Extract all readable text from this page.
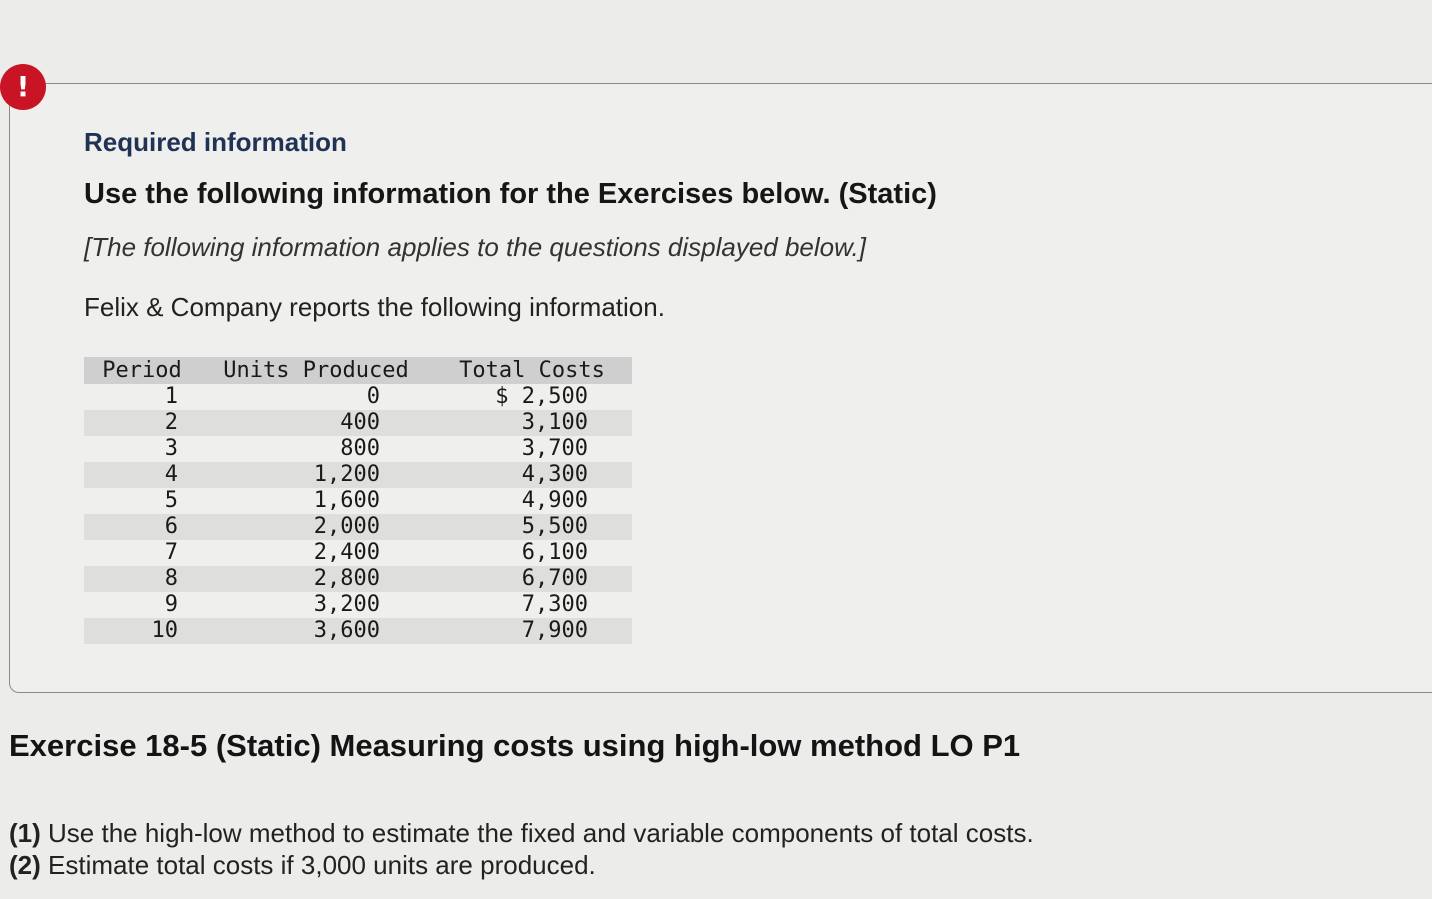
!
Required information
Use the following information for the Exercises below. (Static)

[The following information applies to the questions displayed below.]

Felix & Company reports the following information.

Period	Units Produced	Total Costs
1	0	$ 2,500
2	400	3,100
3	800	3,700
4	1,200	4,300
5	1,600	4,900
6	2,000	5,500
7	2,400	6,100
8	2,800	6,700
9	3,200	7,300
10	3,600	7,900
Exercise 18-5 (Static) Measuring costs using high-low method LO P1

(1) Use the high-low method to estimate the fixed and variable components of total costs.

(2) Estimate total costs if 3,000 units are produced.
